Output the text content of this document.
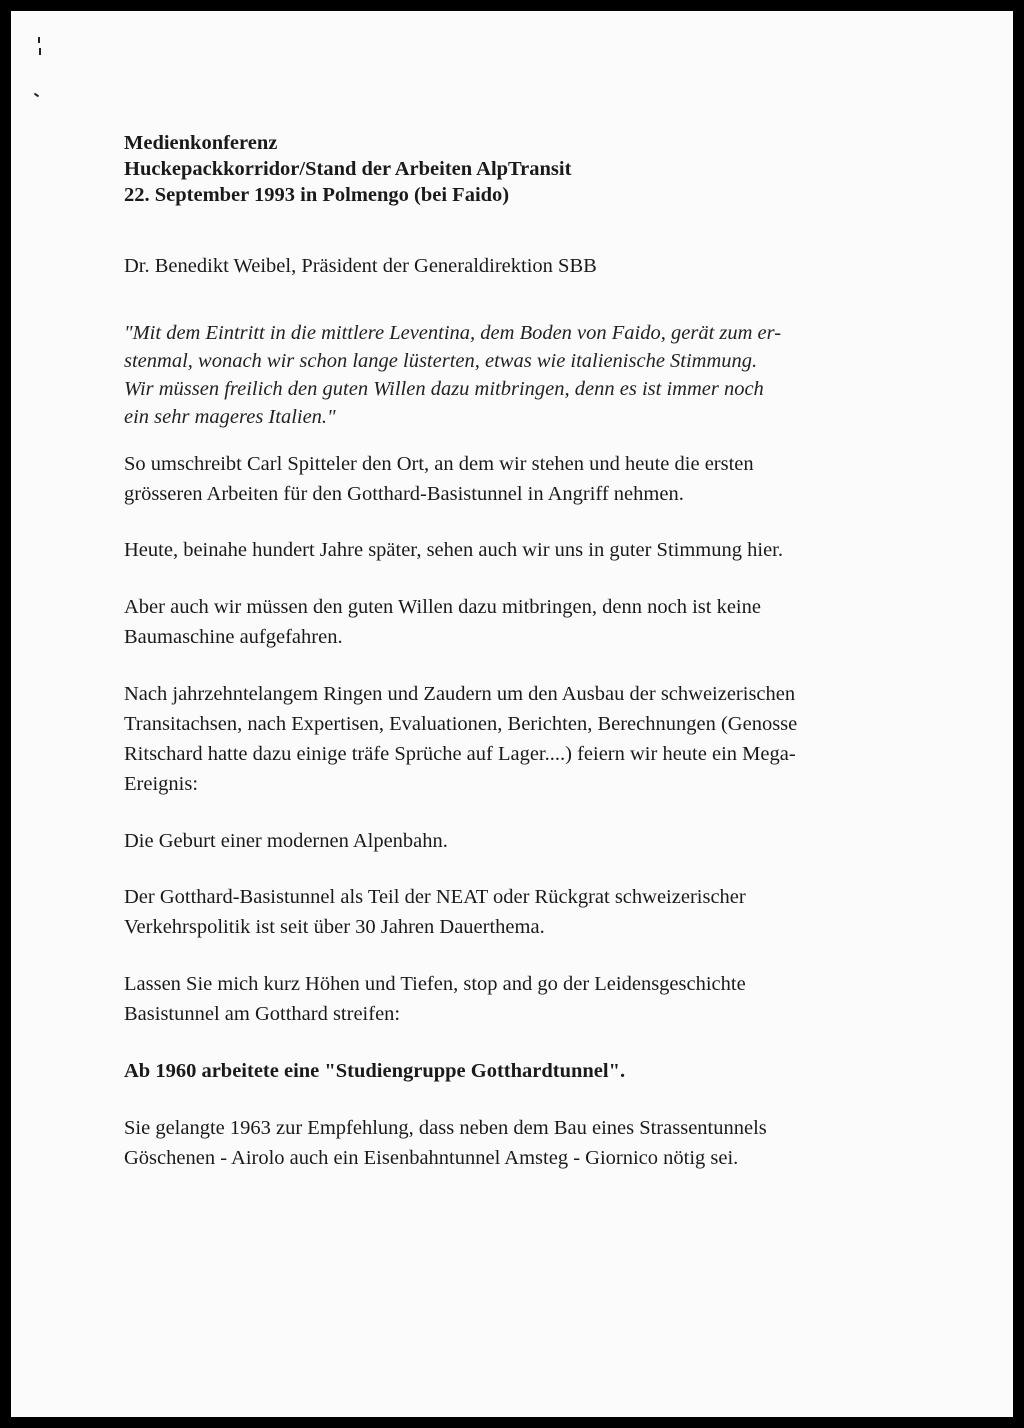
Medienkonferenz
Huckepackkorridor/Stand der Arbeiten AlpTransit
22. September 1993 in Polmengo (bei Faido)
Dr. Benedikt Weibel, Präsident der Generaldirektion SBB
"Mit dem Eintritt in die mittlere Leventina, dem Boden von Faido, gerät zum er-
stenmal, wonach wir schon lange lüsterten, etwas wie italienische Stimmung.
Wir müssen freilich den guten Willen dazu mitbringen, denn es ist immer noch
ein sehr mageres Italien."
So umschreibt Carl Spitteler den Ort, an dem wir stehen und heute die ersten
grösseren Arbeiten für den Gotthard-Basistunnel in Angriff nehmen.
Heute, beinahe hundert Jahre später, sehen auch wir uns in guter Stimmung hier.
Aber auch wir müssen den guten Willen dazu mitbringen, denn noch ist keine
Baumaschine aufgefahren.
Nach jahrzehntelangem Ringen und Zaudern um den Ausbau der schweizerischen
Transitachsen, nach Expertisen, Evaluationen, Berichten, Berechnungen (Genosse
Ritschard hatte dazu einige träfe Sprüche auf Lager....) feiern wir heute ein Mega-
Ereignis:
Die Geburt einer modernen Alpenbahn.
Der Gotthard-Basistunnel als Teil der NEAT oder Rückgrat schweizerischer
Verkehrspolitik ist seit über 30 Jahren Dauerthema.
Lassen Sie mich kurz Höhen und Tiefen, stop and go der Leidensgeschichte
Basistunnel am Gotthard streifen:
Ab 1960 arbeitete eine "Studiengruppe Gotthardtunnel".
Sie gelangte 1963 zur Empfehlung, dass neben dem Bau eines Strassentunnels
Göschenen - Airolo auch ein Eisenbahntunnel Amsteg - Giornico nötig sei.
